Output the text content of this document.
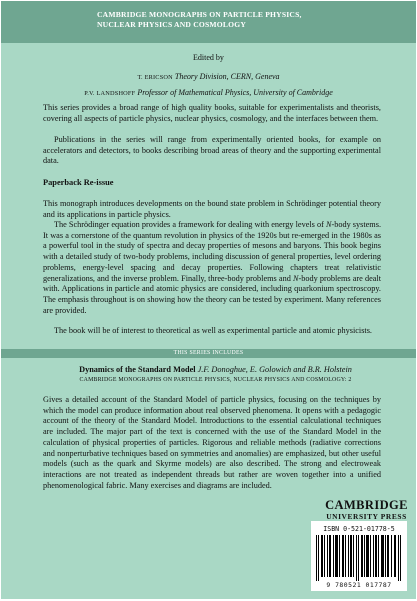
CAMBRIDGE MONOGRAPHS ON PARTICLE PHYSICS,
NUCLEAR PHYSICS AND COSMOLOGY

Edited by

T. ERICSON Theory Division, CERN, Geneva

P.V. LANDSHOFF Professor of Mathematical Physics, University of Cambridge

This series provides a broad range of high quality books, suitable for experimentalists and theorists, covering all aspects of particle physics, nuclear physics, cosmology, and the interfaces between them.

Publications in the series will range from experimentally oriented books, for example on accelerators and detectors, to books describing broad areas of theory and the supporting experimental data.

Paperback Re-issue

This monograph introduces developments on the bound state problem in Schrödinger potential theory and its applications in particle physics.

The Schrödinger equation provides a framework for dealing with energy levels of N-body systems. It was a cornerstone of the quantum revolution in physics of the 1920s but re-emerged in the 1980s as a powerful tool in the study of spectra and decay properties of mesons and baryons. This book begins with a detailed study of two-body problems, including discussion of general properties, level ordering problems, energy-level spacing and decay properties. Following chapters treat relativistic generalizations, and the inverse problem. Finally, three-body problems and N-body problems are dealt with. Applications in particle and atomic physics are considered, including quarkonium spectroscopy. The emphasis throughout is on showing how the theory can be tested by experiment. Many references are provided.

The book will be of interest to theoretical as well as experimental particle and atomic physicists.

THIS SERIES INCLUDES

Dynamics of the Standard Model J.F. Donoghue, E. Golowich and B.R. Holstein

CAMBRIDGE MONOGRAPHS ON PARTICLE PHYSICS, NUCLEAR PHYSICS AND COSMOLOGY: 2

Gives a detailed account of the Standard Model of particle physics, focusing on the techniques by which the model can produce information about real observed phenomena. It opens with a pedagogic account of the theory of the Standard Model. Introductions to the essential calculational techniques are included. The major part of the text is concerned with the use of the Standard Model in the calculation of physical properties of particles. Rigorous and reliable methods (radiative corrections and nonperturbative techniques based on symmetries and anomalies) are emphasized, but other useful models (such as the quark and Skyrme models) are also described. The strong and electroweak interactions are not treated as independent threads but rather are woven together into a unified phenomenological fabric. Many exercises and diagrams are included.

CAMBRIDGE
UNIVERSITY PRESS

ISBN 0-521-01778-5

9 780521 017787
